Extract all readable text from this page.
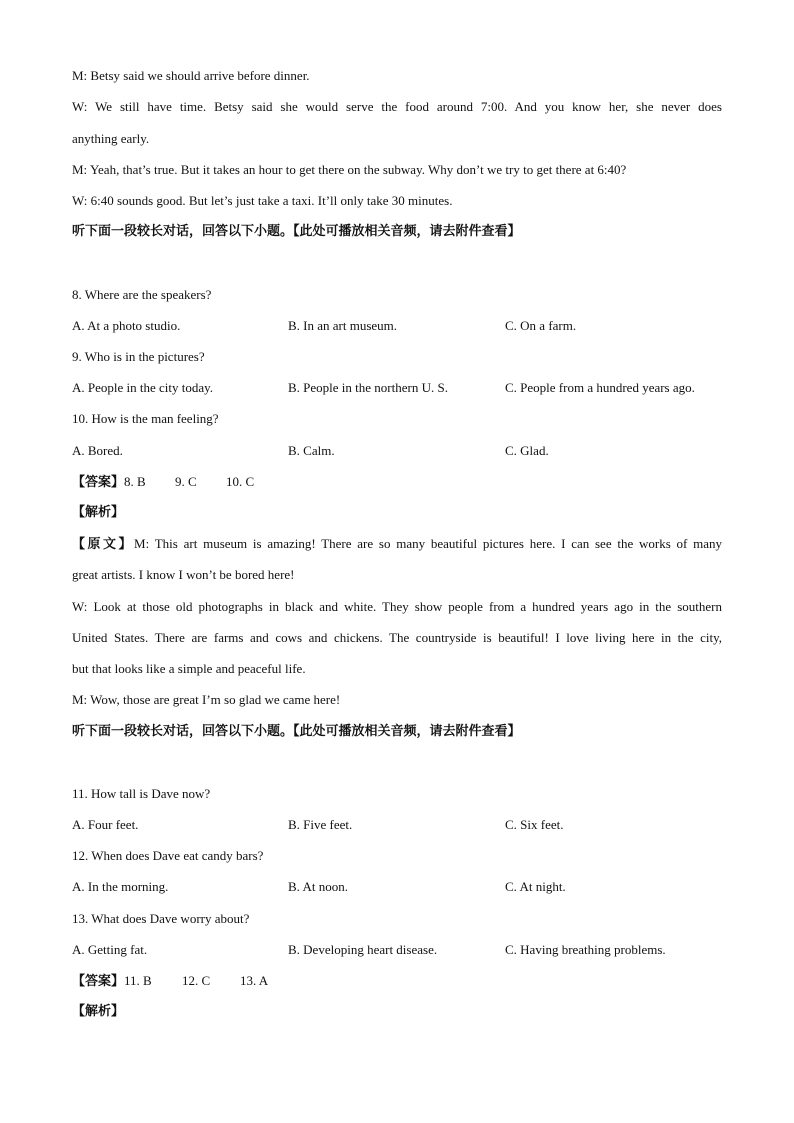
M: Betsy said we should arrive before dinner.
W: We still have time. Betsy said she would serve the food around 7:00. And you know her, she never does
anything early.
M: Yeah, that’s true. But it takes an hour to get there on the subway. Why don’t we try to get there at 6:40?
W: 6:40 sounds good. But let’s just take a taxi. It’ll only take 30 minutes.
听下面一段较长对话，回答以下小题。【此处可播放相关音频，请去附件查看】
8. Where are the speakers?
A. At a photo studio.	B. In an art museum.	C. On a farm.
9. Who is in the pictures?
A. People in the city today.	B. People in the northern U. S.	C. People from a hundred years ago.
10. How is the man feeling?
A. Bored.	B. Calm.	C. Glad.
【答案】8. B 9. C 10. C
【解析】
【原文】M: This art museum is amazing! There are so many beautiful pictures here. I can see the works of many
great artists. I know I won’t be bored here!
W: Look at those old photographs in black and white. They show people from a hundred years ago in the southern
United States. There are farms and cows and chickens. The countryside is beautiful! I love living here in the city,
but that looks like a simple and peaceful life.
M: Wow, those are great I’m so glad we came here!
听下面一段较长对话，回答以下小题。【此处可播放相关音频，请去附件查看】
11. How tall is Dave now?
A. Four feet.	B. Five feet.	C. Six feet.
12. When does Dave eat candy bars?
A. In the morning.	B. At noon.	C. At night.
13. What does Dave worry about?
A. Getting fat.	B. Developing heart disease.	C. Having breathing problems.
【答案】11. B 12. C 13. A
【解析】
